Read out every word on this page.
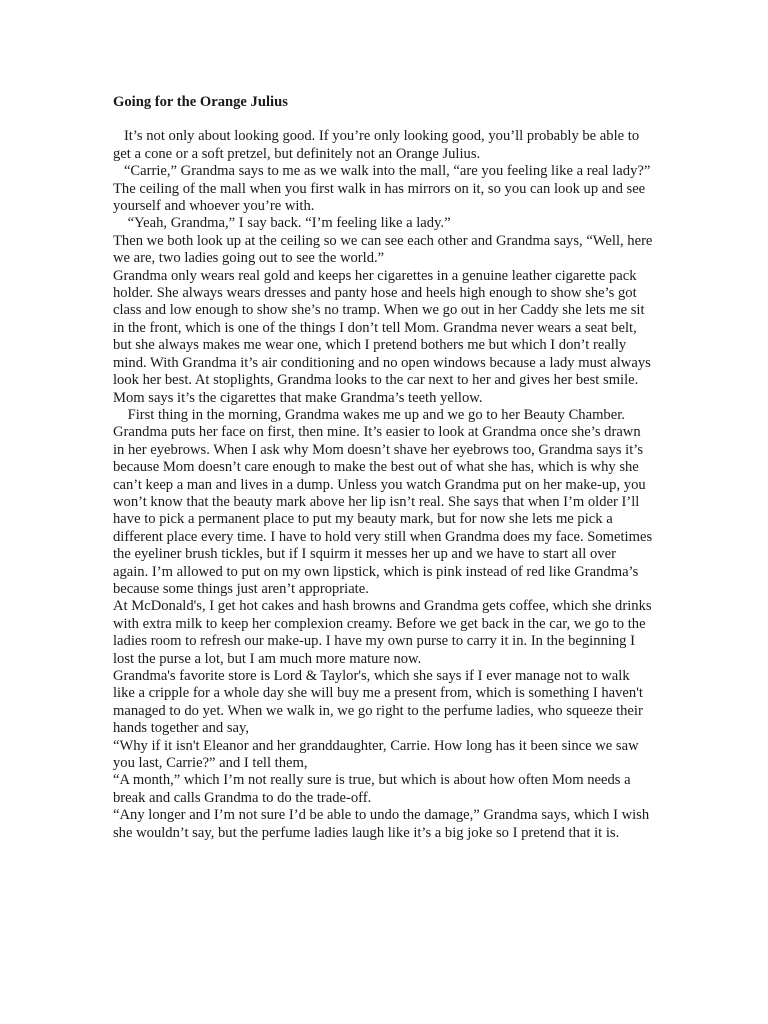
Going for the Orange Julius

It’s not only about looking good. If you’re only looking good, you’ll probably be able to get a cone or a soft pretzel, but definitely not an Orange Julius.

“Carrie,” Grandma says to me as we walk into the mall, “are you feeling like a real lady?” The ceiling of the mall when you first walk in has mirrors on it, so you can look up and see yourself and whoever you’re with.

“Yeah, Grandma,” I say back. “I’m feeling like a lady.”

Then we both look up at the ceiling so we can see each other and Grandma says, “Well, here we are, two ladies going out to see the world.”

Grandma only wears real gold and keeps her cigarettes in a genuine leather cigarette pack holder. She always wears dresses and panty hose and heels high enough to show she’s got class and low enough to show she’s no tramp. When we go out in her Caddy she lets me sit in the front, which is one of the things I don’t tell Mom. Grandma never wears a seat belt, but she always makes me wear one, which I pretend bothers me but which I don’t really mind. With Grandma it’s air conditioning and no open windows because a lady must always look her best. At stoplights, Grandma looks to the car next to her and gives her best smile. Mom says it’s the cigarettes that make Grandma’s teeth yellow.

First thing in the morning, Grandma wakes me up and we go to her Beauty Chamber. Grandma puts her face on first, then mine. It’s easier to look at Grandma once she’s drawn in her eyebrows. When I ask why Mom doesn’t shave her eyebrows too, Grandma says it’s because Mom doesn’t care enough to make the best out of what she has, which is why she can’t keep a man and lives in a dump. Unless you watch Grandma put on her make-up, you won’t know that the beauty mark above her lip isn’t real. She says that when I’m older I’ll have to pick a permanent place to put my beauty mark, but for now she lets me pick a different place every time. I have to hold very still when Grandma does my face. Sometimes the eyeliner brush tickles, but if I squirm it messes her up and we have to start all over again. I’m allowed to put on my own lipstick, which is pink instead of red like Grandma’s because some things just aren’t appropriate.

At McDonald's, I get hot cakes and hash browns and Grandma gets coffee, which she drinks with extra milk to keep her complexion creamy. Before we get back in the car, we go to the ladies room to refresh our make-up. I have my own purse to carry it in. In the beginning I lost the purse a lot, but I am much more mature now.

Grandma's favorite store is Lord & Taylor's, which she says if I ever manage not to walk like a cripple for a whole day she will buy me a present from, which is something I haven't managed to do yet. When we walk in, we go right to the perfume ladies, who squeeze their hands together and say,

“Why if it isn't Eleanor and her granddaughter, Carrie. How long has it been since we saw you last, Carrie?” and I tell them,

“A month,” which I’m not really sure is true, but which is about how often Mom needs a break and calls Grandma to do the trade-off.

“Any longer and I’m not sure I’d be able to undo the damage,” Grandma says, which I wish she wouldn’t say, but the perfume ladies laugh like it’s a big joke so I pretend that it is.
